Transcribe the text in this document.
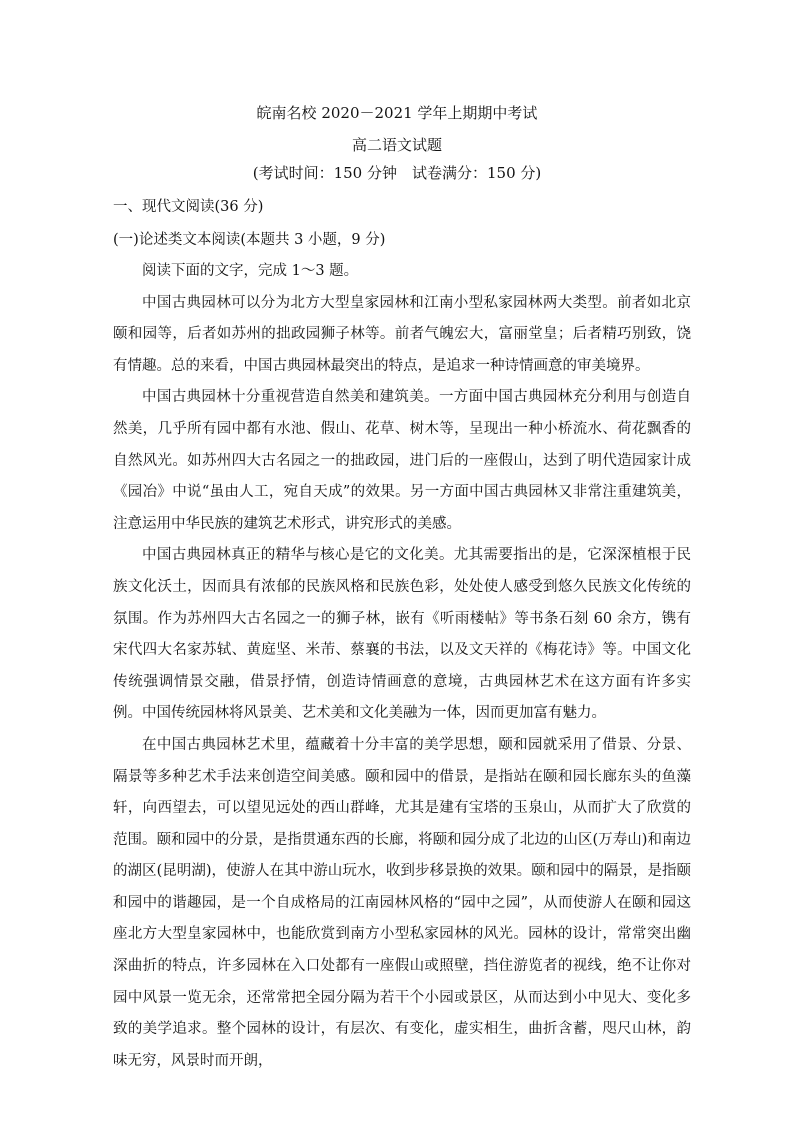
皖南名校 2020－2021 学年上期期中考试
高二语文试题
(考试时间：150 分钟　试卷满分：150 分)
一、现代文阅读(36 分)
(一)论述类文本阅读(本题共 3 小题，9 分)

阅读下面的文字，完成 1～3 题。

中国古典园林可以分为北方大型皇家园林和江南小型私家园林两大类型。前者如北京颐和园等，后者如苏州的拙政园狮子林等。前者气魄宏大，富丽堂皇；后者精巧别致，饶有情趣。总的来看，中国古典园林最突出的特点，是追求一种诗情画意的审美境界。

中国古典园林十分重视营造自然美和建筑美。一方面中国古典园林充分利用与创造自然美，几乎所有园中都有水池、假山、花草、树木等，呈现出一种小桥流水、荷花飘香的自然风光。如苏州四大古名园之一的拙政园，进门后的一座假山，达到了明代造园家计成《园冶》中说“虽由人工，宛自天成”的效果。另一方面中国古典园林又非常注重建筑美，注意运用中华民族的建筑艺术形式，讲究形式的美感。

中国古典园林真正的精华与核心是它的文化美。尤其需要指出的是，它深深植根于民族文化沃土，因而具有浓郁的民族风格和民族色彩，处处使人感受到悠久民族文化传统的氛围。作为苏州四大古名园之一的狮子林，嵌有《听雨楼帖》等书条石刻 60 余方，镌有宋代四大名家苏轼、黄庭坚、米芾、蔡襄的书法，以及文天祥的《梅花诗》等。中国文化传统强调情景交融，借景抒情，创造诗情画意的意境，古典园林艺术在这方面有许多实例。中国传统园林将风景美、艺术美和文化美融为一体，因而更加富有魅力。

在中国古典园林艺术里，蕴藏着十分丰富的美学思想，颐和园就采用了借景、分景、隔景等多种艺术手法来创造空间美感。颐和园中的借景，是指站在颐和园长廊东头的鱼藻轩，向西望去，可以望见远处的西山群峰，尤其是建有宝塔的玉泉山，从而扩大了欣赏的范围。颐和园中的分景，是指贯通东西的长廊，将颐和园分成了北边的山区(万寿山)和南边的湖区(昆明湖)，使游人在其中游山玩水，收到步移景换的效果。颐和园中的隔景，是指颐和园中的谐趣园，是一个自成格局的江南园林风格的“园中之园”，从而使游人在颐和园这座北方大型皇家园林中，也能欣赏到南方小型私家园林的风光。园林的设计，常常突出幽深曲折的特点，许多园林在入口处都有一座假山或照壁，挡住游览者的视线，绝不让你对园中风景一览无余，还常常把全园分隔为若干个小园或景区，从而达到小中见大、变化多致的美学追求。整个园林的设计，有层次、有变化，虚实相生，曲折含蓄，咫尺山林，韵味无穷，风景时而开朗，
